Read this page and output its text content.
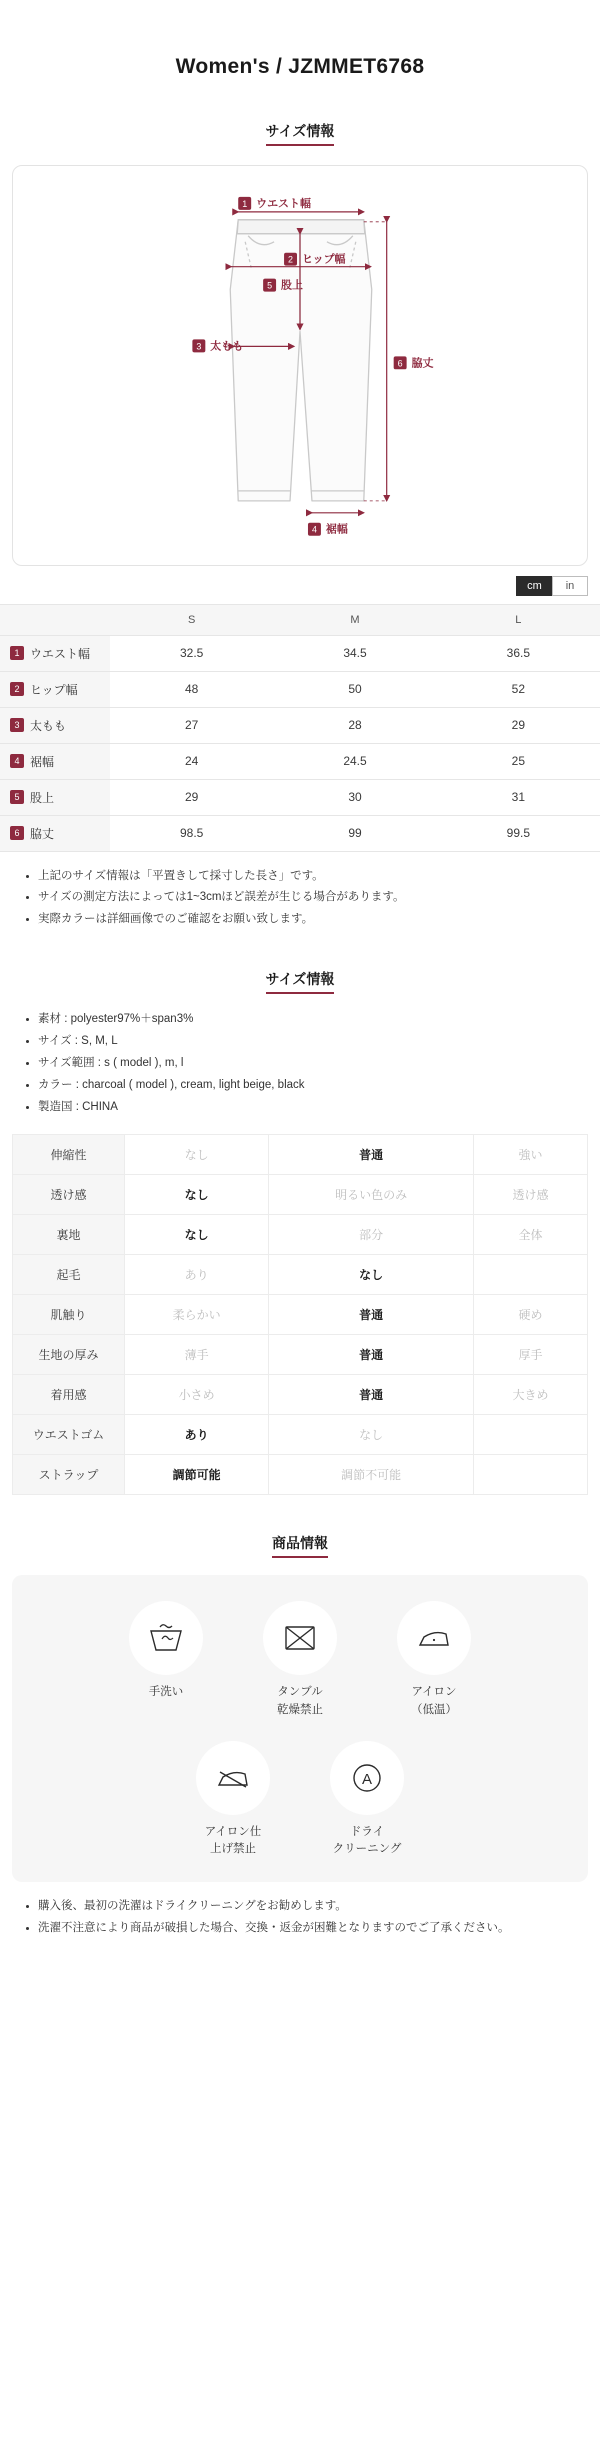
Women's / JZMMET6768
サイズ情報
1 ウエスト幅
2 ヒップ幅
5 股上
3 太もも
6 脇丈
4 裾幅
cm	in
	S	M	L
1 ウエスト幅	32.5	34.5	36.5
2 ヒップ幅	48	50	52
3 太もも	27	28	29
4 裾幅	24	24.5	25
5 股上	29	30	31
6 脇丈	98.5	99	99.5
上記のサイズ情報は「平置きして採寸した長さ」です。
サイズの測定方法によっては1~3cmほど誤差が生じる場合があります。
実際カラーは詳細画像でのご確認をお願い致します。
サイズ情報
素材 : polyester97%＋span3%
サイズ : S, M, L
サイズ範囲 : s ( model ), m, l
カラー : charcoal ( model ), cream, light beige, black
製造国 : CHINA
伸縮性	なし	普通	強い
透け感	なし	明るい色のみ	透け感
裏地	なし	部分	全体
起毛	あり	なし	
肌触り	柔らかい	普通	硬め
生地の厚み	薄手	普通	厚手
着用感	小さめ	普通	大きめ
ウエストゴム	あり	なし	
ストラップ	調節可能	調節不可能	
商品情報
手洗い	タンブル
乾燥禁止
アイロン
（低温）
アイロン仕
上げ禁止
A
ドライ
クリーニング
購入後、最初の洗濯はドライクリーニングをお勧めします。
洗濯不注意により商品が破損した場合、交換・返金が困難となりますのでご了承ください。
